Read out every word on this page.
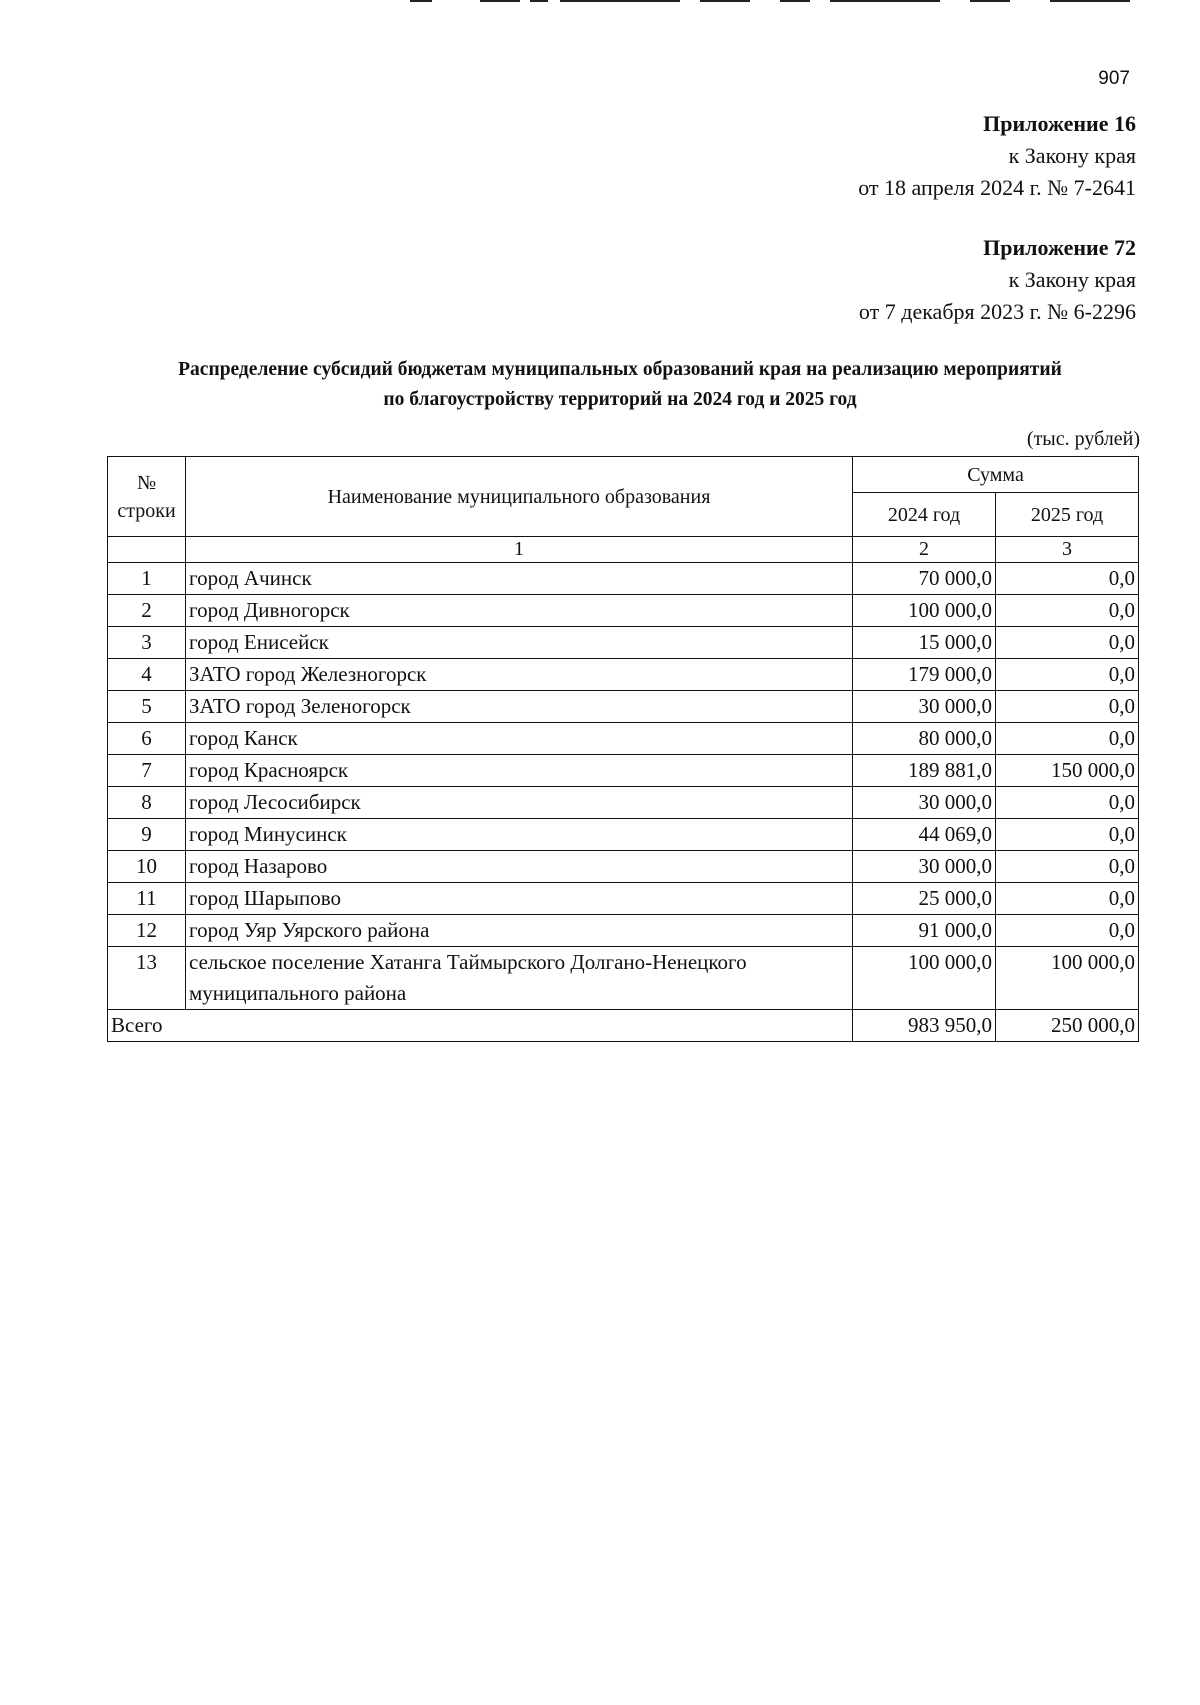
907
Приложение 16
к Закону края
от 18 апреля 2024 г. № 7-2641
Приложение 72
к Закону края
от 7 декабря 2023 г. № 6-2296
Распределение субсидий бюджетам муниципальных образований края на реализацию мероприятий
по благоустройству территорий на 2024 год и 2025 год
(тыс. рублей)
№ строки	Наименование муниципального образования	Сумма	
		2024 год	2025 год
	1	2	3
1	город Ачинск	70 000,0	0,0
2	город Дивногорск	100 000,0	0,0
3	город Енисейск	15 000,0	0,0
4	ЗАТО город Железногорск	179 000,0	0,0
5	ЗАТО город Зеленогорск	30 000,0	0,0
6	город Канск	80 000,0	0,0
7	город Красноярск	189 881,0	150 000,0
8	город Лесосибирск	30 000,0	0,0
9	город Минусинск	44 069,0	0,0
10	город Назарово	30 000,0	0,0
11	город Шарыпово	25 000,0	0,0
12	город Уяр Уярского района	91 000,0	0,0
13	сельское поселение Хатанга Таймырского Долгано-Ненецкого муниципального района	100 000,0	100 000,0
Всего		983 950,0	250 000,0
